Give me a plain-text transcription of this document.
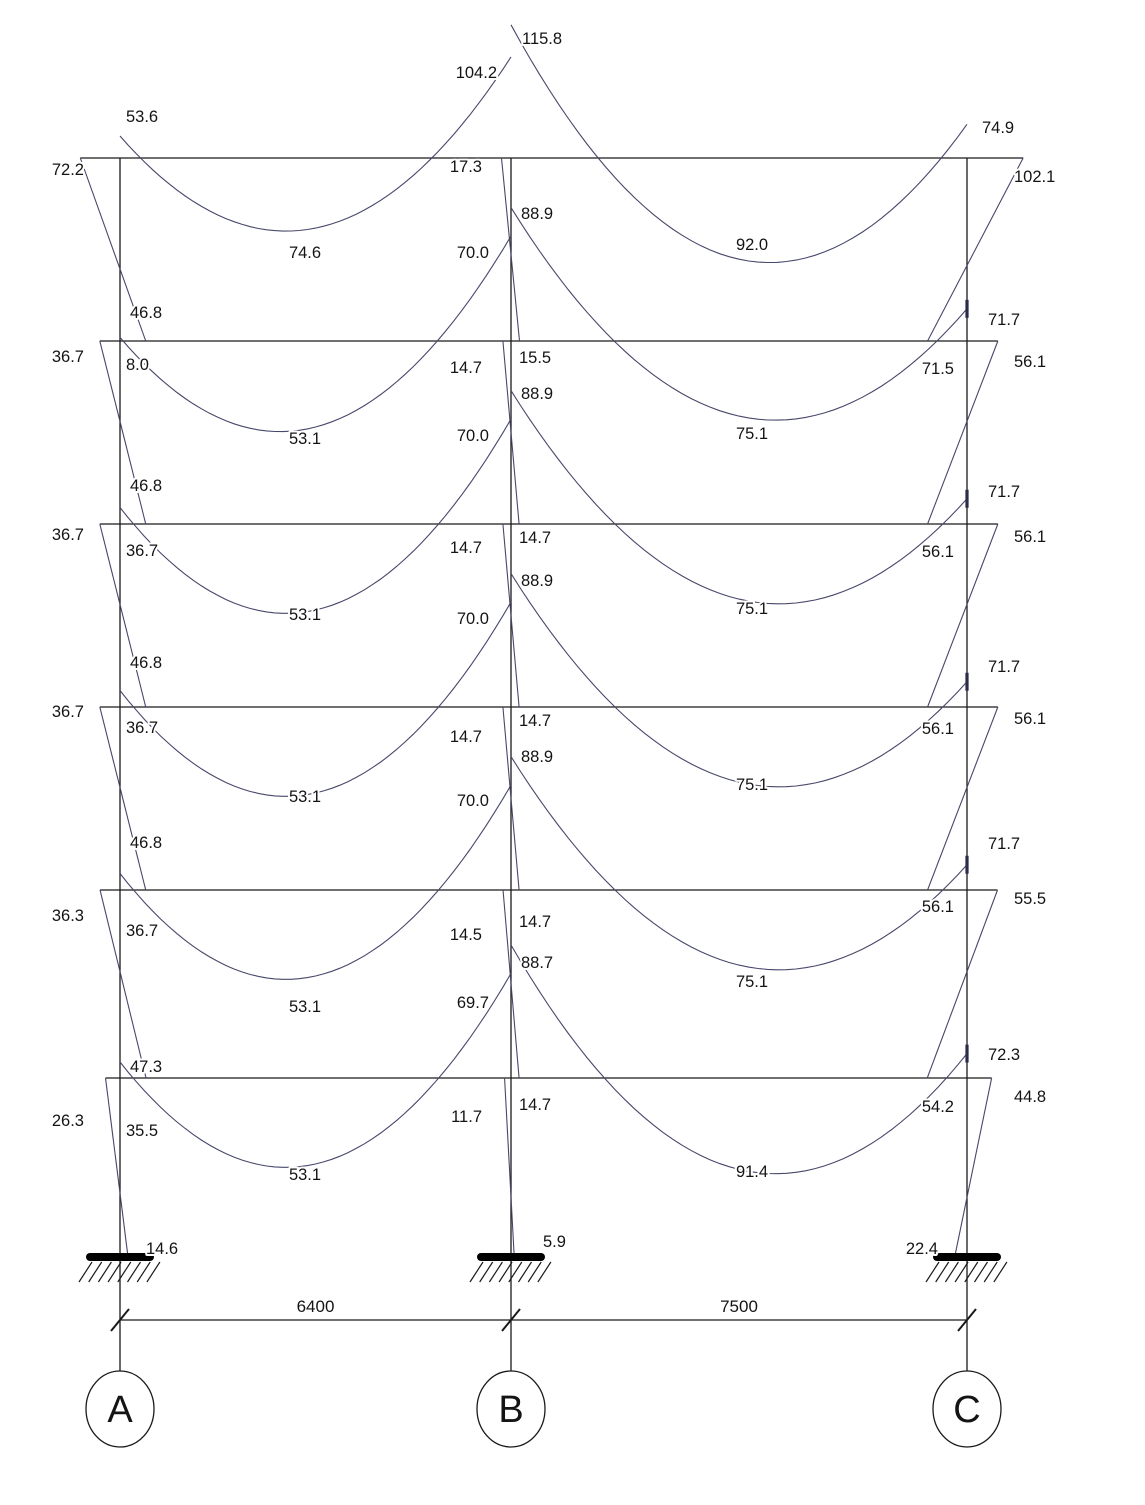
6400	7500
A	B	C
72.2
36.7
36.7
36.7
36.3
26.3
46.8
46.8
46.8
46.8
47.3
14.6
53.6
8.0
36.7
36.7
36.7
35.5
17.3
14.7
14.7
14.7
14.5
11.7
15.5
14.7
14.7
14.7
14.7
5.9
104.2
70.0
70.0
70.0
70.0
69.7
115.8
88.9
88.9
88.9
88.9
88.7
102.1
56.1
56.1
56.1
55.5
44.8
71.7
71.7
71.7
71.7
72.3
22.4
74.9
71.5
56.1
56.1
56.1
54.2
74.6
53.1
53.1
53.1
53.1
53.1
92.0
75.1
75.1
75.1
75.1
91.4
